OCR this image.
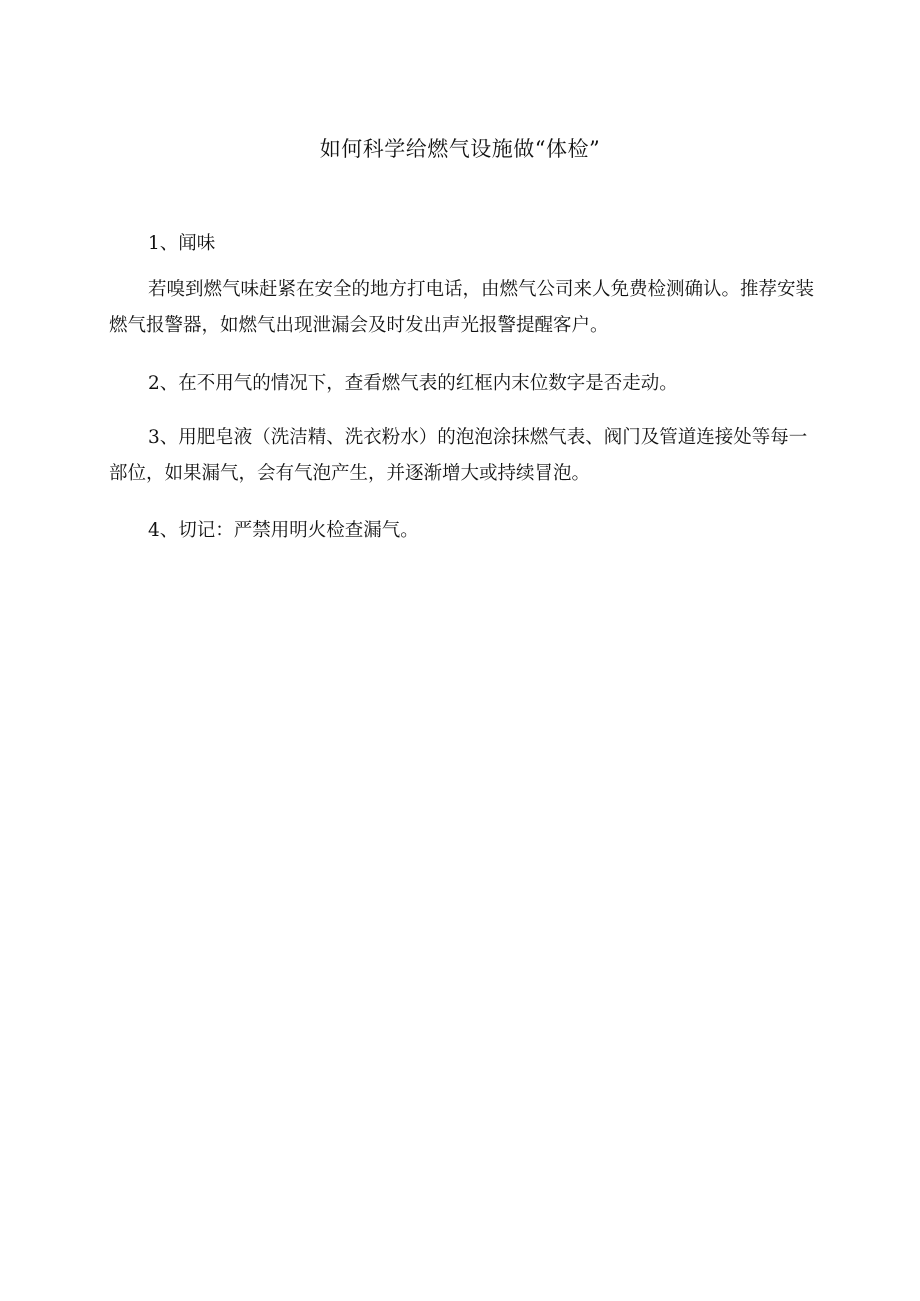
如何科学给燃气设施做“体检”

1、闻味

若嗅到燃气味赶紧在安全的地方打电话，由燃气公司来人免费检测确认。推荐安装燃气报警器，如燃气出现泄漏会及时发出声光报警提醒客户。

2、在不用气的情况下，查看燃气表的红框内末位数字是否走动。

3、用肥皂液（洗洁精、洗衣粉水）的泡泡涂抹燃气表、阀门及管道连接处等每一部位，如果漏气，会有气泡产生，并逐渐增大或持续冒泡。

4、切记：严禁用明火检查漏气。
